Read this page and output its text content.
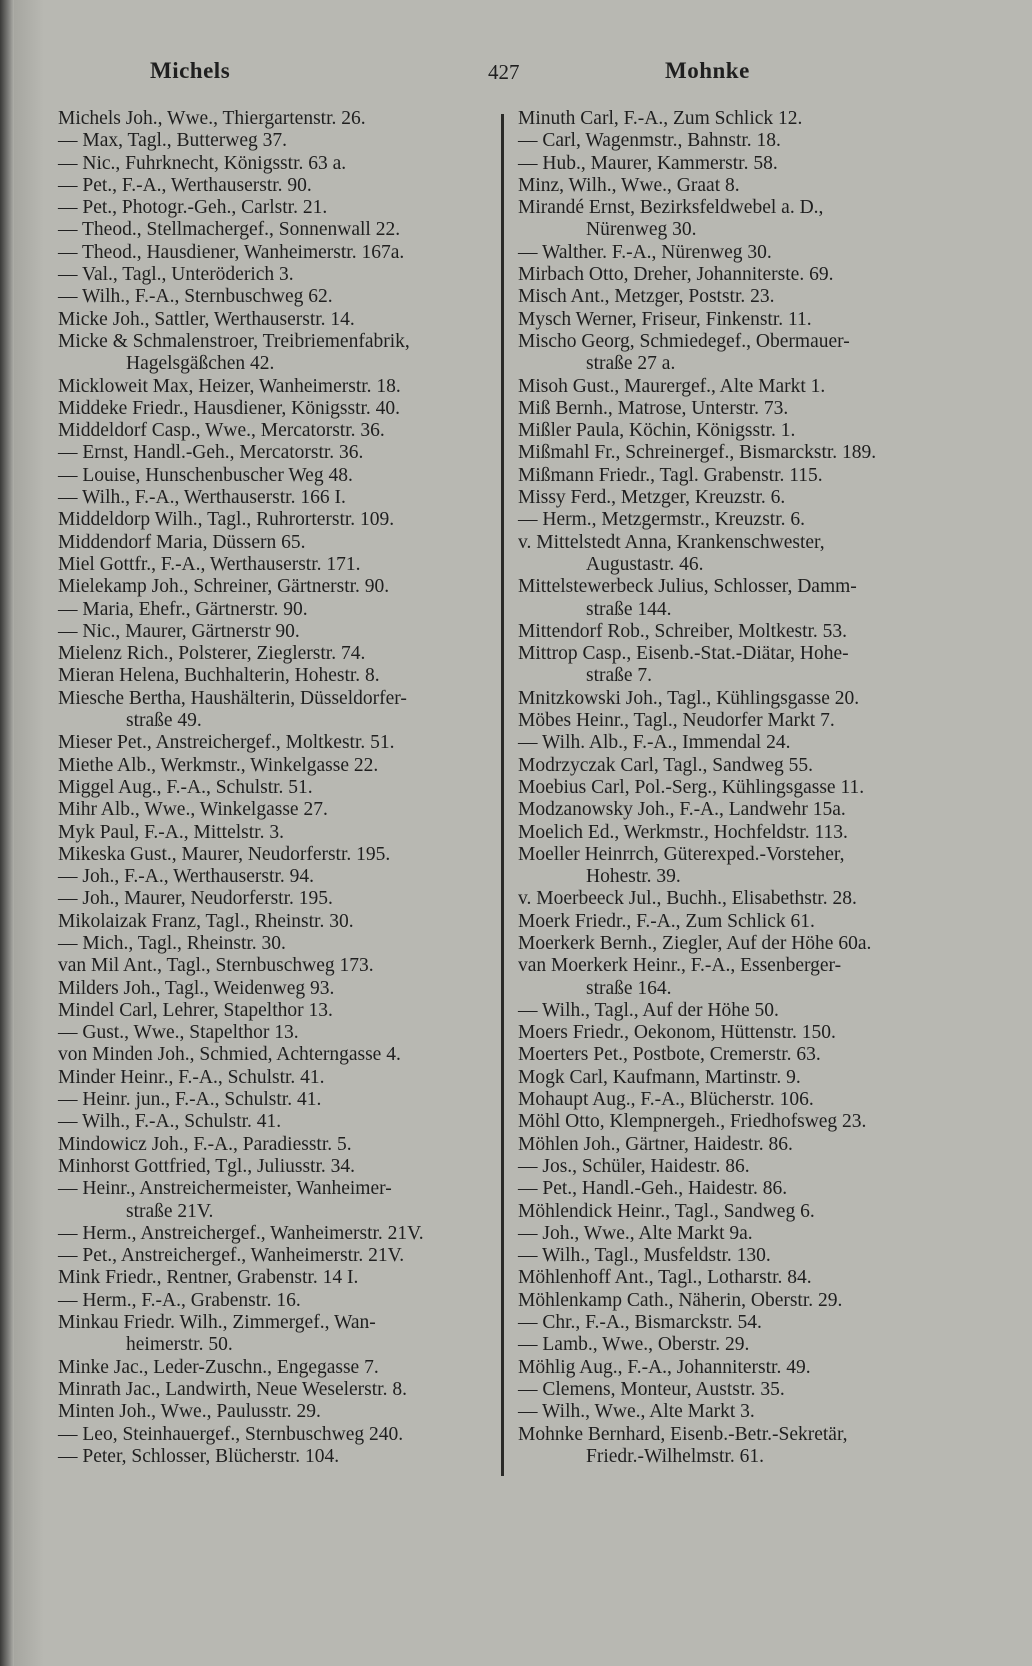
Michels	427	Mohnke
Michels Joh., Wwe., Thiergartenstr. 26.
— Max, Tagl., Butterweg 37.
— Nic., Fuhrknecht, Königsstr. 63 a.
— Pet., F.-A., Werthauserstr. 90.
— Pet., Photogr.-Geh., Carlstr. 21.
— Theod., Stellmachergef., Sonnenwall 22.
— Theod., Hausdiener, Wanheimerstr. 167a.
— Val., Tagl., Unteröderich 3.
— Wilh., F.-A., Sternbuschweg 62.
Micke Joh., Sattler, Werthauserstr. 14.
Micke & Schmalenstroer, Treibriemenfabrik,
Hagelsgäßchen 42.
Mickloweit Max, Heizer, Wanheimerstr. 18.
Middeke Friedr., Hausdiener, Königsstr. 40.
Middeldorf Casp., Wwe., Mercatorstr. 36.
— Ernst, Handl.-Geh., Mercatorstr. 36.
— Louise, Hunschenbuscher Weg 48.
— Wilh., F.-A., Werthauserstr. 166 I.
Middeldorp Wilh., Tagl., Ruhrorterstr. 109.
Middendorf Maria, Düssern 65.
Miel Gottfr., F.-A., Werthauserstr. 171.
Mielekamp Joh., Schreiner, Gärtnerstr. 90.
— Maria, Ehefr., Gärtnerstr. 90.
— Nic., Maurer, Gärtnerstr 90.
Mielenz Rich., Polsterer, Zieglerstr. 74.
Mieran Helena, Buchhalterin, Hohestr. 8.
Miesche Bertha, Haushälterin, Düsseldorfer-
straße 49.
Mieser Pet., Anstreichergef., Moltkestr. 51.
Miethe Alb., Werkmstr., Winkelgasse 22.
Miggel Aug., F.-A., Schulstr. 51.
Mihr Alb., Wwe., Winkelgasse 27.
Myk Paul, F.-A., Mittelstr. 3.
Mikeska Gust., Maurer, Neudorferstr. 195.
— Joh., F.-A., Werthauserstr. 94.
— Joh., Maurer, Neudorferstr. 195.
Mikolaizak Franz, Tagl., Rheinstr. 30.
— Mich., Tagl., Rheinstr. 30.
van Mil Ant., Tagl., Sternbuschweg 173.
Milders Joh., Tagl., Weidenweg 93.
Mindel Carl, Lehrer, Stapelthor 13.
— Gust., Wwe., Stapelthor 13.
von Minden Joh., Schmied, Achterngasse 4.
Minder Heinr., F.-A., Schulstr. 41.
— Heinr. jun., F.-A., Schulstr. 41.
— Wilh., F.-A., Schulstr. 41.
Mindowicz Joh., F.-A., Paradiesstr. 5.
Minhorst Gottfried, Tgl., Juliusstr. 34.
— Heinr., Anstreichermeister, Wanheimer-
straße 21V.
— Herm., Anstreichergef., Wanheimerstr. 21V.
— Pet., Anstreichergef., Wanheimerstr. 21V.
Mink Friedr., Rentner, Grabenstr. 14 I.
— Herm., F.-A., Grabenstr. 16.
Minkau Friedr. Wilh., Zimmergef., Wan-
heimerstr. 50.
Minke Jac., Leder-Zuschn., Engegasse 7.
Minrath Jac., Landwirth, Neue Weselerstr. 8.
Minten Joh., Wwe., Paulusstr. 29.
— Leo, Steinhauergef., Sternbuschweg 240.
— Peter, Schlosser, Blücherstr. 104.
Minuth Carl, F.-A., Zum Schlick 12.
— Carl, Wagenmstr., Bahnstr. 18.
— Hub., Maurer, Kammerstr. 58.
Minz, Wilh., Wwe., Graat 8.
Mirandé Ernst, Bezirksfeldwebel a. D.,
Nürenweg 30.
— Walther. F.-A., Nürenweg 30.
Mirbach Otto, Dreher, Johanniterste. 69.
Misch Ant., Metzger, Poststr. 23.
Mysch Werner, Friseur, Finkenstr. 11.
Mischo Georg, Schmiedegef., Obermauer-
straße 27 a.
Misoh Gust., Maurergef., Alte Markt 1.
Miß Bernh., Matrose, Unterstr. 73.
Mißler Paula, Köchin, Königsstr. 1.
Mißmahl Fr., Schreinergef., Bismarckstr. 189.
Mißmann Friedr., Tagl. Grabenstr. 115.
Missy Ferd., Metzger, Kreuzstr. 6.
— Herm., Metzgermstr., Kreuzstr. 6.
v. Mittelstedt Anna, Krankenschwester,
Augustastr. 46.
Mittelstewerbeck Julius, Schlosser, Damm-
straße 144.
Mittendorf Rob., Schreiber, Moltkestr. 53.
Mittrop Casp., Eisenb.-Stat.-Diätar, Hohe-
straße 7.
Mnitzkowski Joh., Tagl., Kühlingsgasse 20.
Möbes Heinr., Tagl., Neudorfer Markt 7.
— Wilh. Alb., F.-A., Immendal 24.
Modrzyczak Carl, Tagl., Sandweg 55.
Moebius Carl, Pol.-Serg., Kühlingsgasse 11.
Modzanowsky Joh., F.-A., Landwehr 15a.
Moelich Ed., Werkmstr., Hochfeldstr. 113.
Moeller Heinrrch, Güterexped.-Vorsteher,
Hohestr. 39.
v. Moerbeeck Jul., Buchh., Elisabethstr. 28.
Moerk Friedr., F.-A., Zum Schlick 61.
Moerkerk Bernh., Ziegler, Auf der Höhe 60a.
van Moerkerk Heinr., F.-A., Essenberger-
straße 164.
— Wilh., Tagl., Auf der Höhe 50.
Moers Friedr., Oekonom, Hüttenstr. 150.
Moerters Pet., Postbote, Cremerstr. 63.
Mogk Carl, Kaufmann, Martinstr. 9.
Mohaupt Aug., F.-A., Blücherstr. 106.
Möhl Otto, Klempnergeh., Friedhofsweg 23.
Möhlen Joh., Gärtner, Haidestr. 86.
— Jos., Schüler, Haidestr. 86.
— Pet., Handl.-Geh., Haidestr. 86.
Möhlendick Heinr., Tagl., Sandweg 6.
— Joh., Wwe., Alte Markt 9a.
— Wilh., Tagl., Musfeldstr. 130.
Möhlenhoff Ant., Tagl., Lotharstr. 84.
Möhlenkamp Cath., Näherin, Oberstr. 29.
— Chr., F.-A., Bismarckstr. 54.
— Lamb., Wwe., Oberstr. 29.
Möhlig Aug., F.-A., Johanniterstr. 49.
— Clemens, Monteur, Auststr. 35.
— Wilh., Wwe., Alte Markt 3.
Mohnke Bernhard, Eisenb.-Betr.-Sekretär,
Friedr.-Wilhelmstr. 61.
